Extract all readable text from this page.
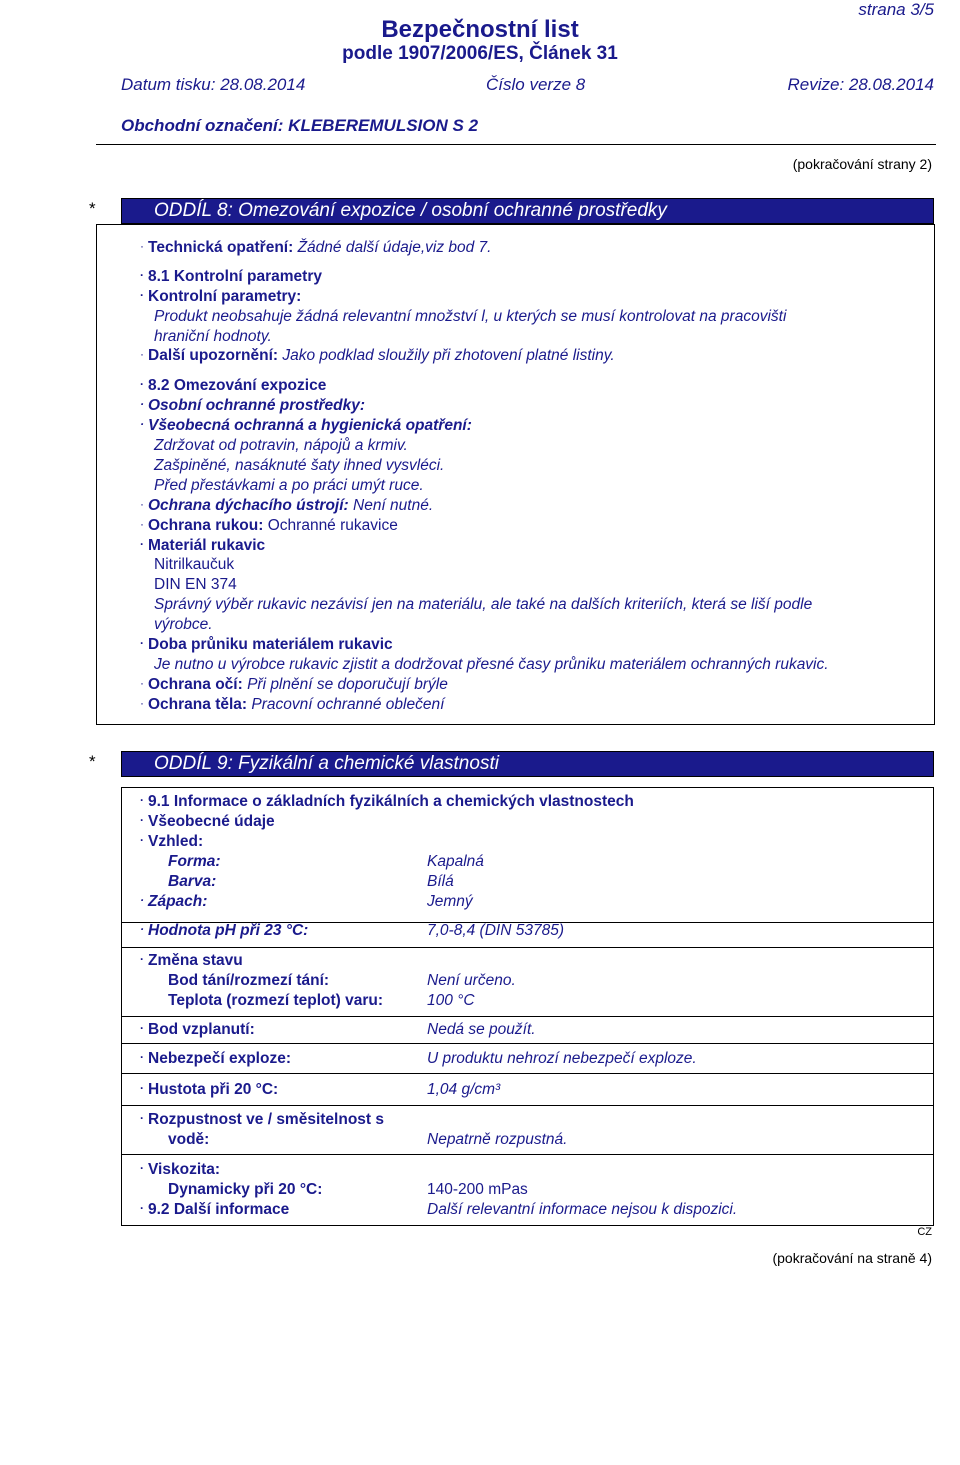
strana 3/5
Bezpečnostní list
podle 1907/2006/ES, Článek 31
Datum tisku: 28.08.2014	Číslo verze 8	Revize: 28.08.2014
Obchodní označení: KLEBEREMULSION S 2
(pokračování strany 2)
*	ODDÍL 8: Omezování expozice / osobní ochranné prostředky
· Technická opatření: Žádné další údaje,viz bod 7.
· 8.1 Kontrolní parametry
· Kontrolní parametry:
Produkt neobsahuje žádná relevantní množství l, u kterých se musí kontrolovat na pracovišti
hraniční hodnoty.
· Další upozornění: Jako podklad sloužily při zhotovení platné listiny.
· 8.2 Omezování expozice
· Osobní ochranné prostředky:
· Všeobecná ochranná a hygienická opatření:
Zdržovat od potravin, nápojů a krmiv.
Zašpiněné, nasáknuté šaty ihned vysvléci.
Před přestávkami a po práci umýt ruce.
· Ochrana dýchacího ústrojí: Není nutné.
· Ochrana rukou: Ochranné rukavice
· Materiál rukavic
Nitrilkaučuk
DIN EN 374
Správný výběr rukavic nezávisí jen na materiálu, ale také na dalších kriteriích, která se liší podle
výrobce.
· Doba průniku materiálem rukavic
Je nutno u výrobce rukavic zjistit a dodržovat přesné časy průniku materiálem ochranných rukavic.
· Ochrana očí: Při plnění se doporučují brýle
· Ochrana těla: Pracovní ochranné oblečení
*	ODDÍL 9: Fyzikální a chemické vlastnosti
· 9.1 Informace o základních fyzikálních a chemických vlastnostech
· Všeobecné údaje
· Vzhled:
Forma:	Kapalná
Barva:	Bílá
· Zápach:	Jemný
· Hodnota pH při 23 °C:	7,0-8,4 (DIN 53785)
· Změna stavu
Bod tání/rozmezí tání:	Není určeno.
Teplota (rozmezí teplot) varu:	100 °C
· Bod vzplanutí:	Nedá se použít.
· Nebezpečí exploze:	U produktu nehrozí nebezpečí exploze.
· Hustota při 20 °C:	1,04 g/cm³
· Rozpustnost ve / směsitelnost s
vodě:	Nepatrně rozpustná.
· Viskozita:
Dynamicky při 20 °C:	140-200 mPas
· 9.2 Další informace	Další relevantní informace nejsou k dispozici.
CZ
(pokračování na straně 4)
